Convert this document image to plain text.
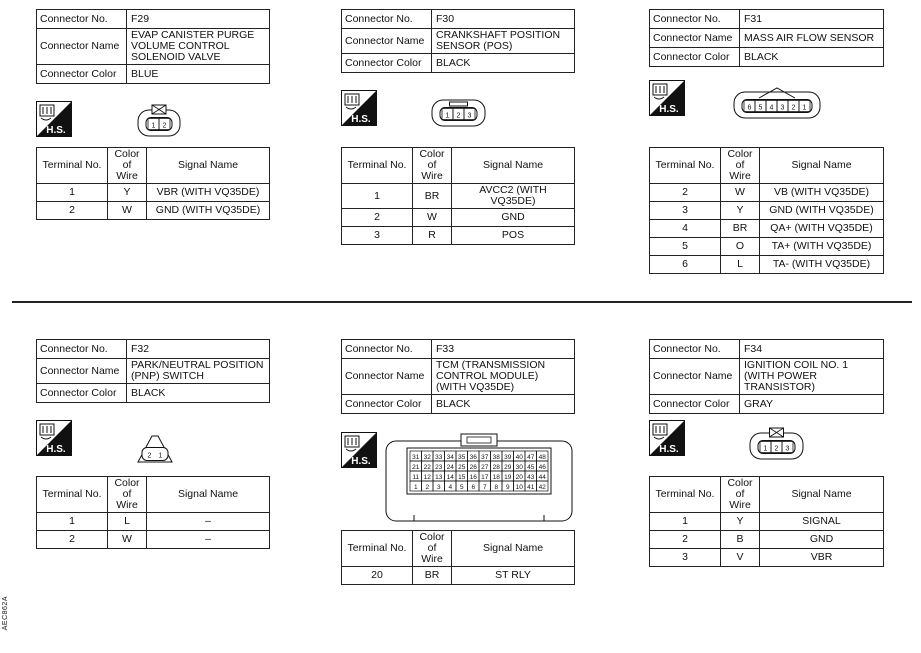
Connector No.	F29
Connector Name	EVAP CANISTER PURGE VOLUME CONTROL SOLENOID VALVE
Connector Color	BLUE
Terminal No.	Color of Wire	Signal Name
1	Y	VBR (WITH VQ35DE)
2	W	GND (WITH VQ35DE)
Connector No.	F30
Connector Name	CRANKSHAFT POSITION SENSOR (POS)
Connector Color	BLACK
Terminal No.	Color of Wire	Signal Name
1	BR	AVCC2 (WITH VQ35DE)
2	W	GND
3	R	POS
Connector No.	F31
Connector Name	MASS AIR FLOW SENSOR
Connector Color	BLACK
Terminal No.	Color of Wire	Signal Name
2	W	VB (WITH VQ35DE)
3	Y	GND (WITH VQ35DE)
4	BR	QA+ (WITH VQ35DE)
5	O	TA+ (WITH VQ35DE)
6	L	TA- (WITH VQ35DE)
Connector No.	F32
Connector Name	PARK/NEUTRAL POSITION (PNP) SWITCH
Connector Color	BLACK
Terminal No.	Color of Wire	Signal Name
1	L	–
2	W	–
Connector No.	F33
Connector Name	TCM (TRANSMISSION CONTROL MODULE) (WITH VQ35DE)
Connector Color	BLACK
Terminal No.	Color of Wire	Signal Name
20	BR	ST RLY
Connector No.	F34
Connector Name	IGNITION COIL NO. 1 (WITH POWER TRANSISTOR)
Connector Color	GRAY
Terminal No.	Color of Wire	Signal Name
1	Y	SIGNAL
2	B	GND
3	V	VBR
AEC862A
H.S.	1 2
H.S.	1 2 3
H.S.	6 5 4 3 2 1
H.S.
2 1	H.S.	31 32 33 34 35 36 37 38 39 40 47 48
21 22 23 24 25 26 27 28 29 30 45 46
11 12 13 14 15 16 17 18 19 20 43 44
1 2 3 4 5 6 7 8 9 10 41 42
H.S.	1 2 3
